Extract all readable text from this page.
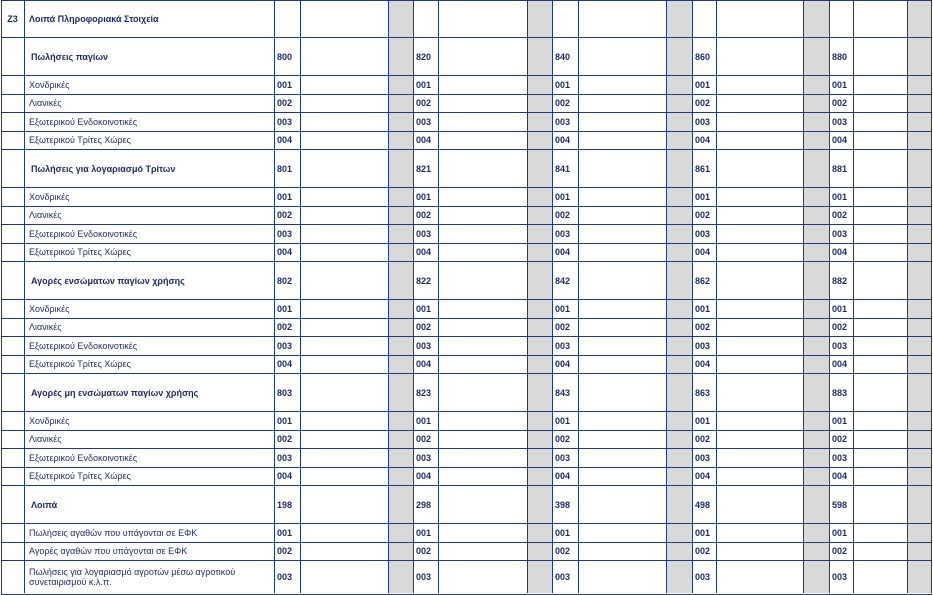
Z3	Λοιπά Πληροφοριακά Στοιχεία
Πωλήσεις παγίων	800	820	840	860	880
Χονδρικές	001	001	001	001	001
Λιανικές	002	002	002	002	002
Εξωτερικού Ενδοκοινοτικές	003	003	003	003	003
Εξωτερικού Τρίτες Χώρες	004	004	004	004	004
Πωλήσεις για λογαριασμό Τρίτων	801	821	841	861	881
Χονδρικές	001	001	001	001	001
Λιανικές	002	002	002	002	002
Εξωτερικού Ενδοκοινοτικές	003	003	003	003	003
Εξωτερικού Τρίτες Χώρες	004	004	004	004	004
Αγορές ενσώματων παγίων χρήσης	802	822	842	862	882
Χονδρικές	001	001	001	001	001
Λιανικές	002	002	002	002	002
Εξωτερικού Ενδοκοινοτικές	003	003	003	003	003
Εξωτερικού Τρίτες Χώρες	004	004	004	004	004
Αγορές μη ενσώματων παγίων χρήσης	803	823	843	863	883
Χονδρικές	001	001	001	001	001
Λιανικές	002	002	002	002	002
Εξωτερικού Ενδοκοινοτικές	003	003	003	003	003
Εξωτερικού Τρίτες Χώρες	004	004	004	004	004
Λοιπά	198	298	398	498	598
Πωλήσεις αγαθών που υπάγονται σε ΕΦΚ	001	001	001	001	001
Αγορές αγαθών που υπάγονται σε ΕΦΚ	002	002	002	002	002
Πωλήσεις για λογαριασμό αγροτών μέσω αγροτικού συνεταιρισμού κ.λ.π.	003	003	003	003	003
